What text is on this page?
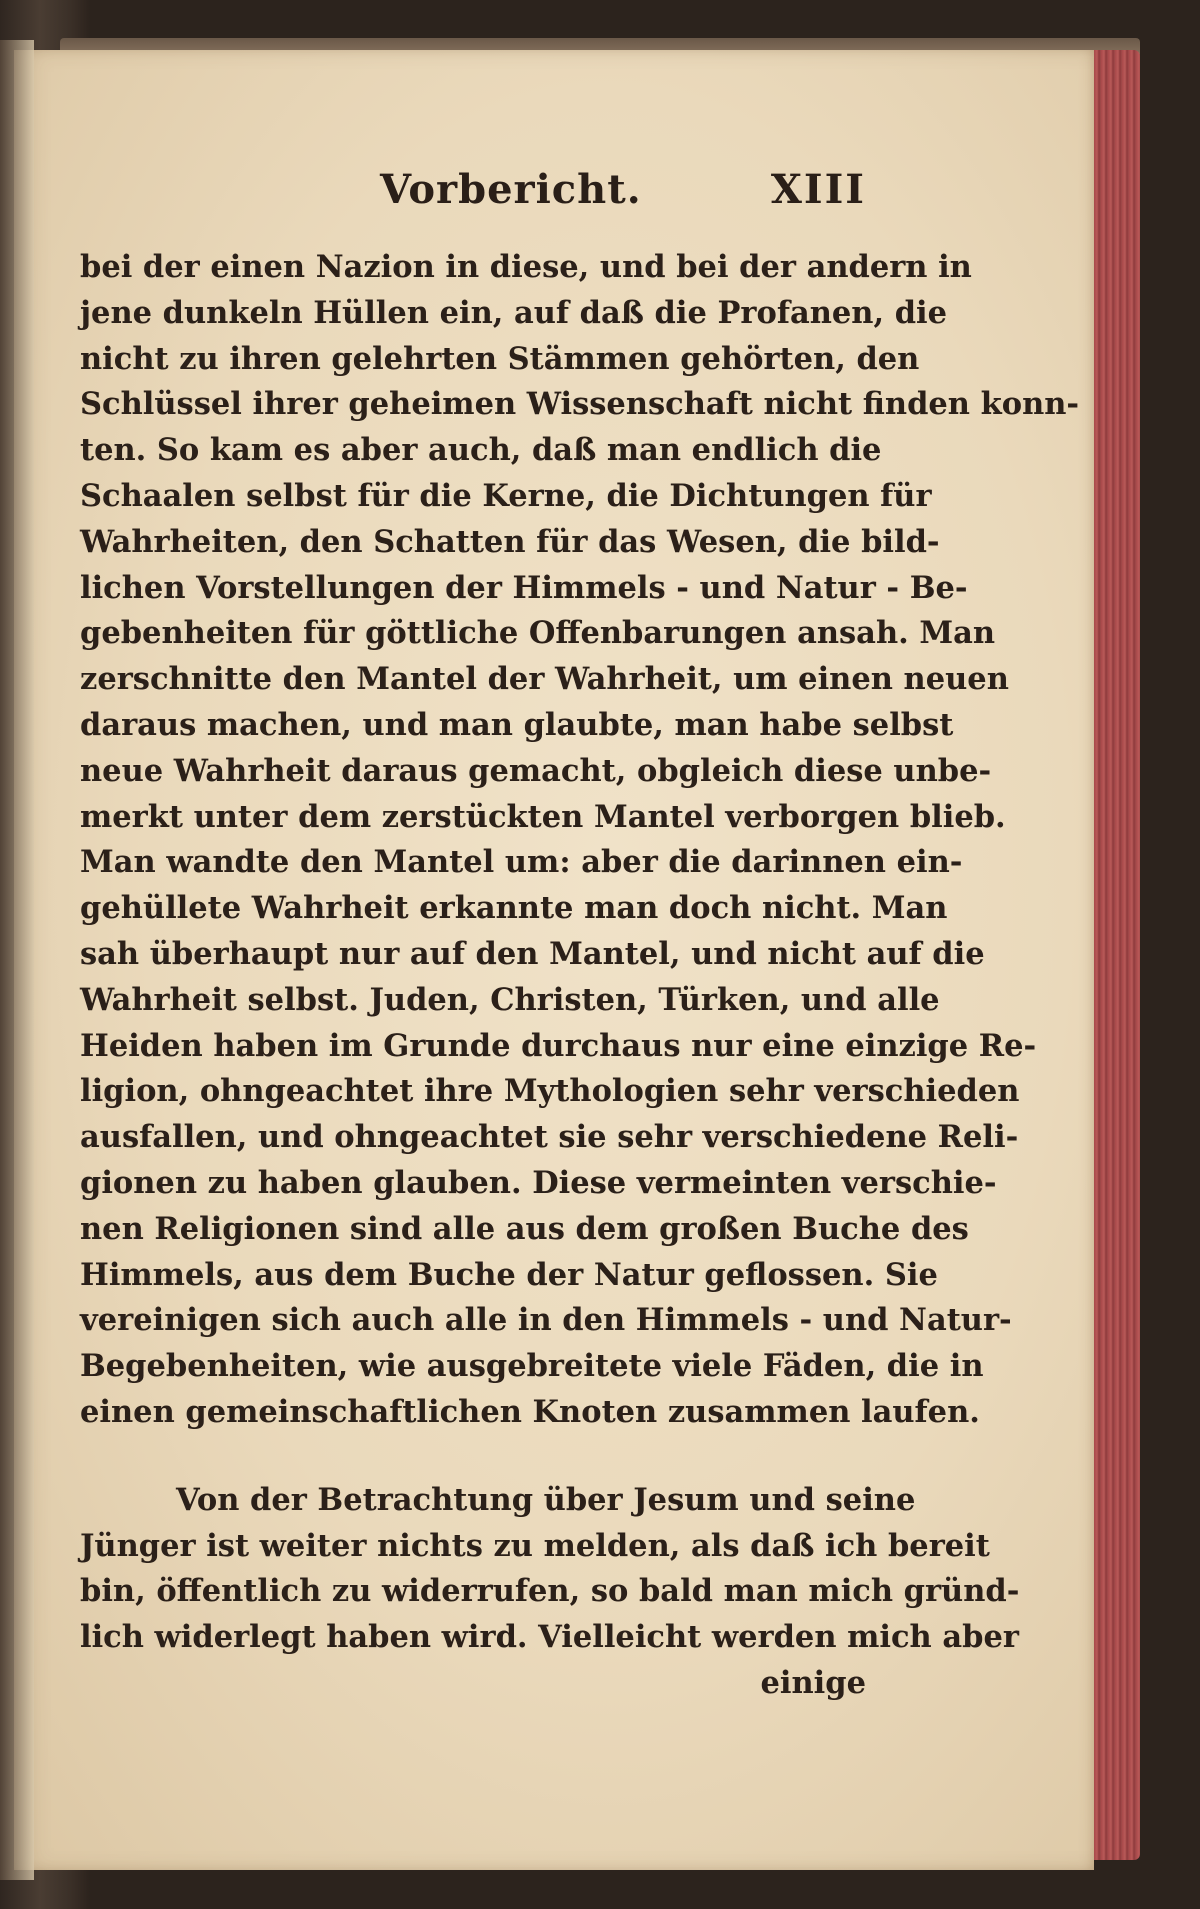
Vorbericht.	XIII
bei der einen Nazion in diese, und bei der andern in
jene dunkeln Hüllen ein, auf daß die Profanen, die
nicht zu ihren gelehrten Stämmen gehörten, den
Schlüssel ihrer geheimen Wissenschaft nicht finden konn-
ten. So kam es aber auch, daß man endlich die
Schaalen selbst für die Kerne, die Dichtungen für
Wahrheiten, den Schatten für das Wesen, die bild-
lichen Vorstellungen der Himmels - und Natur - Be-
gebenheiten für göttliche Offenbarungen ansah. Man
zerschnitte den Mantel der Wahrheit, um einen neuen
daraus machen, und man glaubte, man habe selbst
neue Wahrheit daraus gemacht, obgleich diese unbe-
merkt unter dem zerstückten Mantel verborgen blieb.
Man wandte den Mantel um: aber die darinnen ein-
gehüllete Wahrheit erkannte man doch nicht. Man
sah überhaupt nur auf den Mantel, und nicht auf die
Wahrheit selbst. Juden, Christen, Türken, und alle
Heiden haben im Grunde durchaus nur eine einzige Re-
ligion, ohngeachtet ihre Mythologien sehr verschieden
ausfallen, und ohngeachtet sie sehr verschiedene Reli-
gionen zu haben glauben. Diese vermeinten verschie-
nen Religionen sind alle aus dem großen Buche des
Himmels, aus dem Buche der Natur geflossen. Sie
vereinigen sich auch alle in den Himmels - und Natur-
Begebenheiten, wie ausgebreitete viele Fäden, die in
einen gemeinschaftlichen Knoten zusammen laufen.
Von der Betrachtung über Jesum und seine
Jünger ist weiter nichts zu melden, als daß ich bereit
bin, öffentlich zu widerrufen, so bald man mich gründ-
lich widerlegt haben wird. Vielleicht werden mich aber
einige
